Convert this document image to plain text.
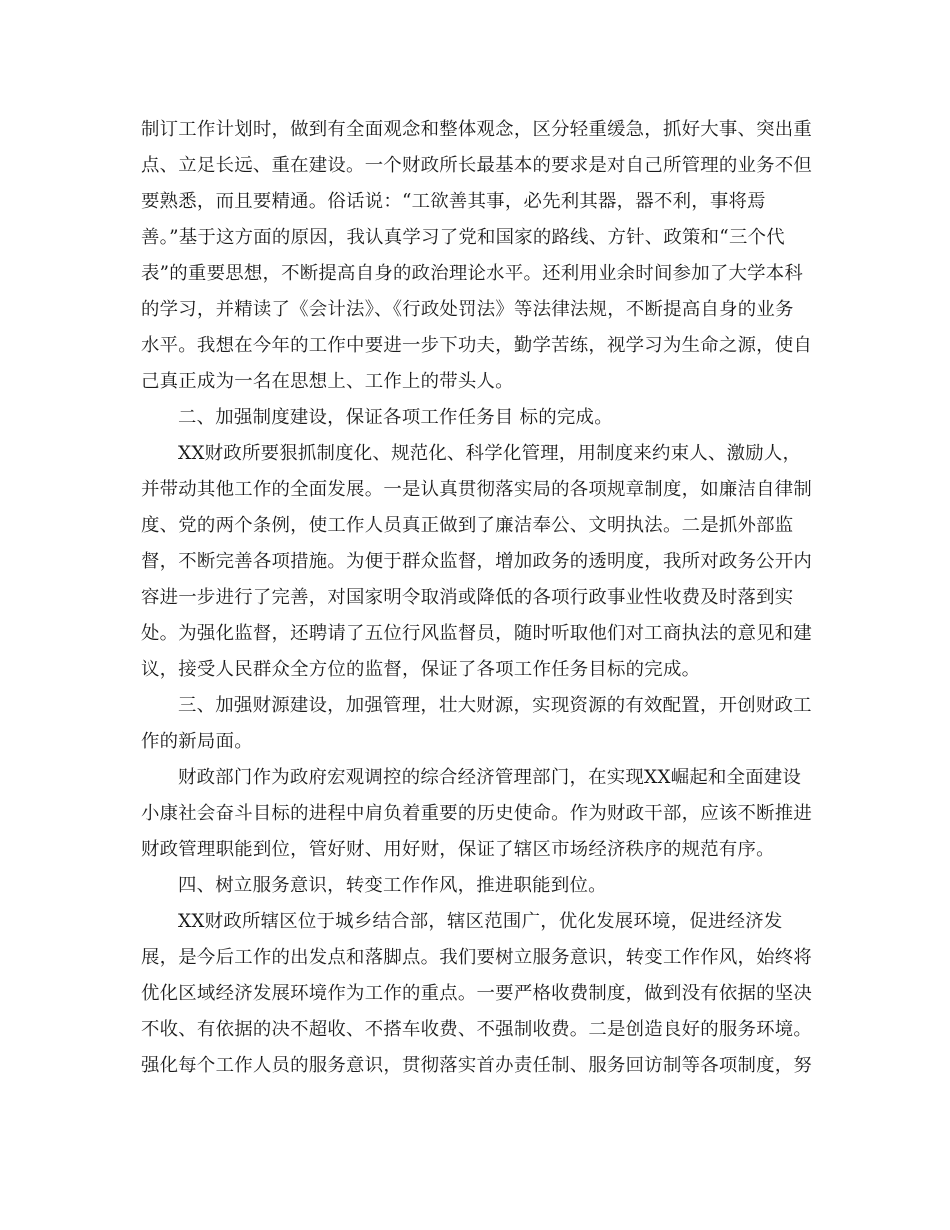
制订工作计划时，做到有全面观念和整体观念，区分轻重缓急，抓好大事、突出重
点、立足长远、重在建设。一个财政所长最基本的要求是对自己所管理的业务不但
要熟悉，而且要精通。俗话说：“工欲善其事，必先利其器，器不利，事将焉
善。”基于这方面的原因，我认真学习了党和国家的路线、方针、政策和“三个代
表”的重要思想，不断提高自身的政治理论水平。还利用业余时间参加了大学本科
的学习，并精读了《会计法》、《行政处罚法》等法律法规，不断提高自身的业务
水平。我想在今年的工作中要进一步下功夫，勤学苦练，视学习为生命之源，使自
己真正成为一名在思想上、工作上的带头人。
二、加强制度建设，保证各项工作任务目 标的完成。
XX财政所要狠抓制度化、规范化、科学化管理，用制度来约束人、激励人，
并带动其他工作的全面发展。一是认真贯彻落实局的各项规章制度，如廉洁自律制
度、党的两个条例，使工作人员真正做到了廉洁奉公、文明执法。二是抓外部监
督，不断完善各项措施。为便于群众监督，增加政务的透明度，我所对政务公开内
容进一步进行了完善，对国家明令取消或降低的各项行政事业性收费及时落到实
处。为强化监督，还聘请了五位行风监督员，随时听取他们对工商执法的意见和建
议，接受人民群众全方位的监督，保证了各项工作任务目标的完成。
三、加强财源建设，加强管理，壮大财源，实现资源的有效配置，开创财政工
作的新局面。
财政部门作为政府宏观调控的综合经济管理部门，在实现XX崛起和全面建设
小康社会奋斗目标的进程中肩负着重要的历史使命。作为财政干部，应该不断推进
财政管理职能到位，管好财、用好财，保证了辖区市场经济秩序的规范有序。
四、树立服务意识，转变工作作风，推进职能到位。
XX财政所辖区位于城乡结合部，辖区范围广，优化发展环境，促进经济发
展，是今后工作的出发点和落脚点。我们要树立服务意识，转变工作作风，始终将
优化区域经济发展环境作为工作的重点。一要严格收费制度，做到没有依据的坚决
不收、有依据的决不超收、不搭车收费、不强制收费。二是创造良好的服务环境。
强化每个工作人员的服务意识，贯彻落实首办责任制、服务回访制等各项制度，努
